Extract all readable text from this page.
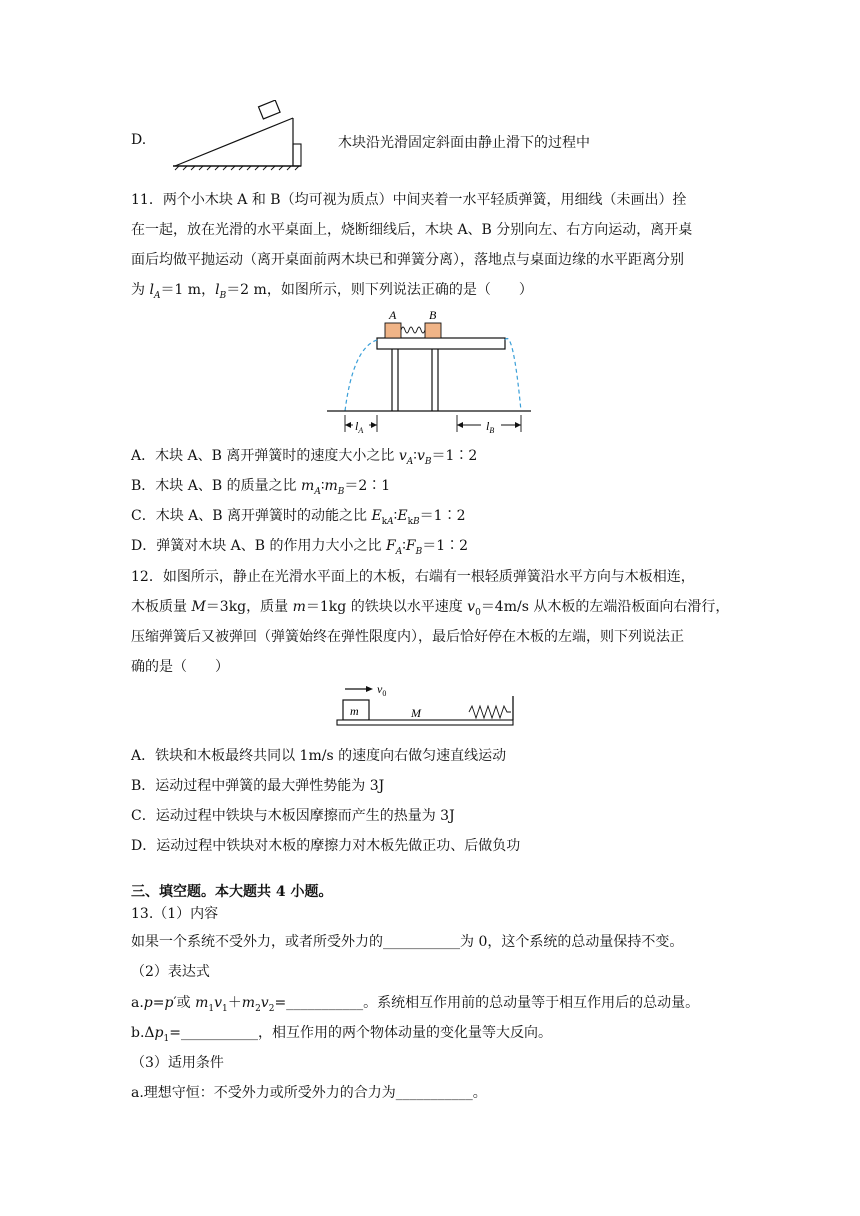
D.	木块沿光滑固定斜面由静止滑下的过程中
11．两个小木块 A 和 B（均可视为质点）中间夹着一水平轻质弹簧，用细线（未画出）拴
在一起，放在光滑的水平桌面上，烧断细线后，木块 A、B 分别向左、右方向运动，离开桌
面后均做平抛运动（离开桌面前两木块已和弹簧分离），落地点与桌面边缘的水平距离分别
为 $l_A=1$ m，$l_B=2$ m，如图所示，则下列说法正确的是（　　）
A	B
$l_A$	$l_B$
A．木块 A、B 离开弹簧时的速度大小之比 $v_A∶v_B=1∶2$
B．木块 A、B 的质量之比 $m_A∶m_B=2∶1$
C．木块 A、B 离开弹簧时的动能之比 $E_{kA}∶E_{kB}=1∶2$
D．弹簧对木块 A、B 的作用力大小之比 $F_A∶F_B=1∶2$
12．如图所示，静止在光滑水平面上的木板，右端有一根轻质弹簧沿水平方向与木板相连，
木板质量 M＝3kg，质量 m＝1kg 的铁块以水平速度 $v_0=4m/s$ 从木板的左端沿板面向右滑行，
压缩弹簧后又被弹回（弹簧始终在弹性限度内），最后恰好停在木板的左端，则下列说法正
确的是（　　）
$v_0$
m	M
A．铁块和木板最终共同以 1m/s 的速度向右做匀速直线运动
B．运动过程中弹簧的最大弹性势能为 3J
C．运动过程中铁块与木板因摩擦而产生的热量为 3J
D．运动过程中铁块对木板的摩擦力对木板先做正功、后做负功
三、填空题。本大题共 4 小题。
13.（1）内容
如果一个系统不受外力，或者所受外力的___________为 0，这个系统的总动量保持不变。
（2）表达式
a.p=p′或 $m_1v_1+m_2v_2=\_\_\_\_\_\_\_\_\_\_\_$。系统相互作用前的总动量等于相互作用后的总动量。
$b.\Delta p_1=\_\_\_\_\_\_\_\_\_\_\_$，相互作用的两个物体动量的变化量等大反向。
（3）适用条件
a.理想守恒：不受外力或所受外力的合力为___________。
